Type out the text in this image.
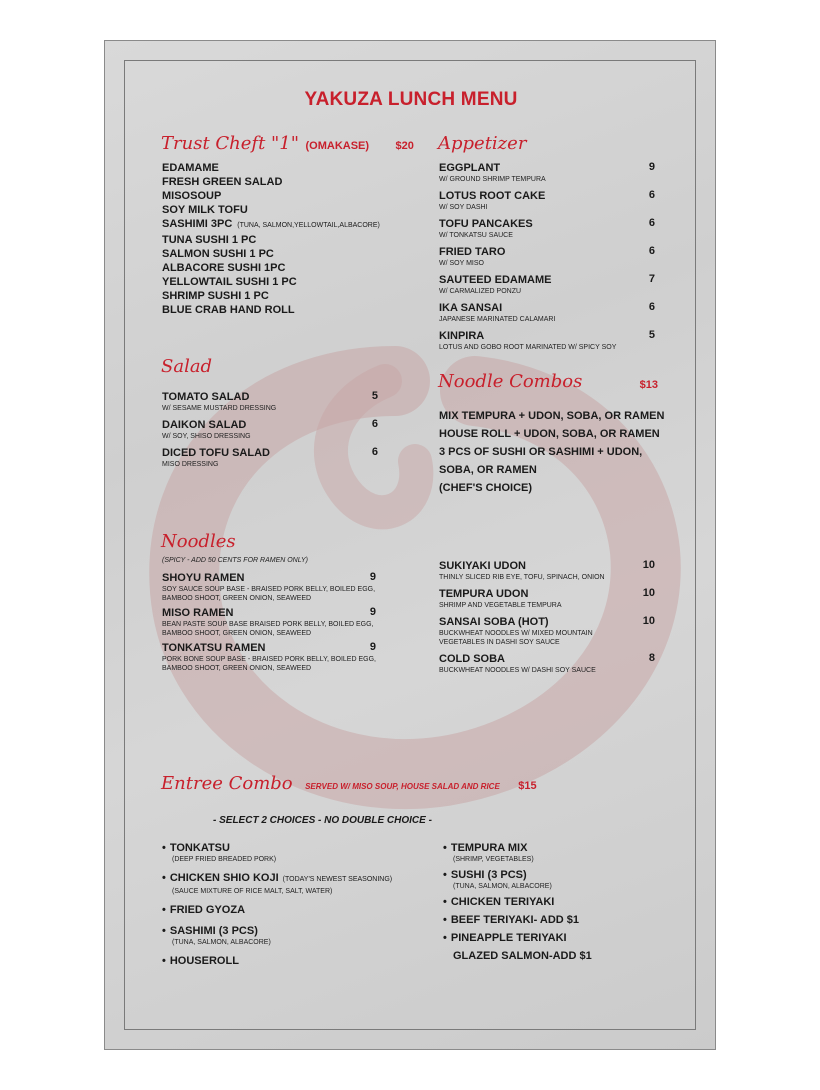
YAKUZA LUNCH MENU
Trust Cheft "1" (OMAKASE) $20
EDAMAME
FRESH GREEN SALAD
MISOSOUP
SOY MILK TOFU
SASHIMI 3PC (TUNA, SALMON,YELLOWTAIL,ALBACORE)
TUNA SUSHI 1 PC
SALMON SUSHI 1 PC
ALBACORE SUSHI 1PC
YELLOWTAIL SUSHI 1 PC
SHRIMP SUSHI 1 PC
BLUE CRAB HAND ROLL
Appetizer
EGGPLANT	9
W/ GROUND SHRIMP TEMPURA
LOTUS ROOT CAKE	6
W/ SOY DASHI
TOFU PANCAKES	6
W/ TONKATSU SAUCE
FRIED TARO	6
W/ SOY MISO
SAUTEED EDAMAME	7
W/ CARMALIZED PONZU
IKA SANSAI	6
JAPANESE MARINATED CALAMARI
KINPIRA	5
LOTUS AND GOBO ROOT MARINATED W/ SPICY SOY
Salad
TOMATO SALAD	5
W/ SESAME MUSTARD DRESSING
DAIKON SALAD	6
W/ SOY, SHISO DRESSING
DICED TOFU SALAD	6
MISO DRESSING
Noodle Combos	$13
MIX TEMPURA + UDON, SOBA, OR RAMEN
HOUSE ROLL + UDON, SOBA, OR RAMEN
3 PCS OF SUSHI OR SASHIMI + UDON,
SOBA, OR RAMEN
(CHEF'S CHOICE)
Noodles
(SPICY - ADD 50 CENTS FOR RAMEN ONLY)
SHOYU RAMEN	9
SOY SAUCE SOUP BASE - BRAISED PORK BELLY, BOILED EGG,
BAMBOO SHOOT, GREEN ONION, SEAWEED
MISO RAMEN	9
BEAN PASTE SOUP BASE BRAISED PORK BELLY, BOILED EGG,
BAMBOO SHOOT, GREEN ONION, SEAWEED
TONKATSU RAMEN	9
PORK BONE SOUP BASE - BRAISED PORK BELLY, BOILED EGG,
BAMBOO SHOOT, GREEN ONION, SEAWEED
SUKIYAKI UDON	10
THINLY SLICED RIB EYE, TOFU, SPINACH, ONION
TEMPURA UDON	10
SHRIMP AND VEGETABLE TEMPURA
SANSAI SOBA (HOT)	10
BUCKWHEAT NOODLES W/ MIXED MOUNTAIN
VEGETABLES IN DASHI SOY SAUCE
COLD SOBA	8
BUCKWHEAT NOODLES W/ DASHI SOY SAUCE
Entree Combo SERVED W/ MISO SOUP, HOUSE SALAD AND RICE $15
- SELECT 2 CHOICES - NO DOUBLE CHOICE -
• TONKATSU
(DEEP FRIED BREADED PORK)
• CHICKEN SHIO KOJI (TODAY'S NEWEST SEASONING)
(SAUCE MIXTURE OF RICE MALT, SALT, WATER)
• FRIED GYOZA
• SASHIMI (3 PCS)
(TUNA, SALMON, ALBACORE)
• HOUSEROLL
• TEMPURA MIX
(SHRIMP, VEGETABLES)
• SUSHI (3 PCS)
(TUNA, SALMON, ALBACORE)
• CHICKEN TERIYAKI
• BEEF TERIYAKI- ADD $1
• PINEAPPLE TERIYAKI
GLAZED SALMON-ADD $1
